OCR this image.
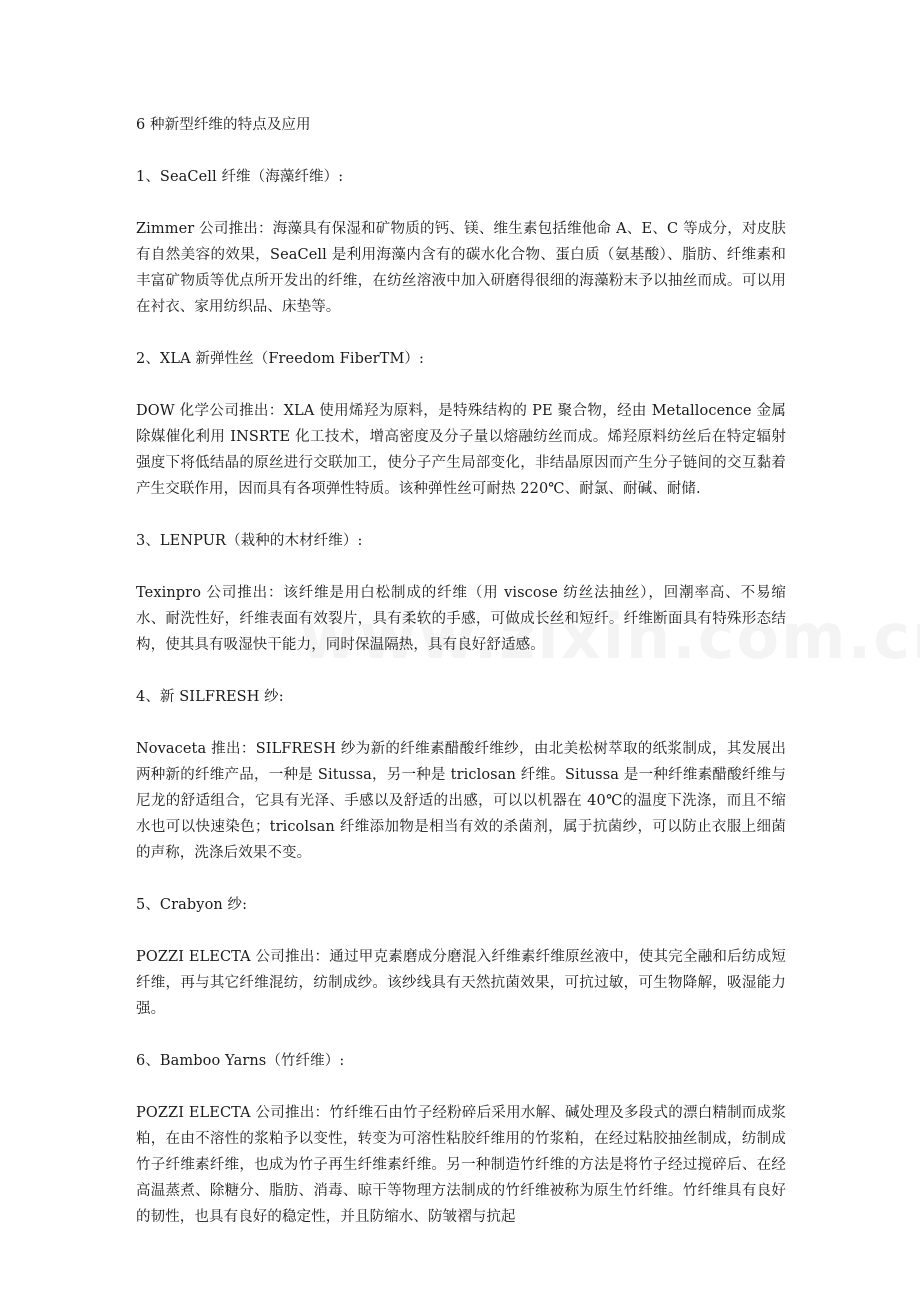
6 种新型纤维的特点及应用

1、SeaCell 纤维（海藻纤维）:

Zimmer 公司推出：海藻具有保湿和矿物质的钙、镁、维生素包括维他命 A、E、C 等成分，对皮肤有自然美容的效果，SeaCell 是利用海藻内含有的碳水化合物、蛋白质（氨基酸）、脂肪、纤维素和丰富矿物质等优点所开发出的纤维，在纺丝溶液中加入研磨得很细的海藻粉末予以抽丝而成。可以用在衬衣、家用纺织品、床垫等。

2、XLA 新弹性丝（Freedom FiberTM）:

DOW 化学公司推出：XLA 使用烯羟为原料，是特殊结构的 PE 聚合物，经由 Metallocence 金属除媒催化利用 INSRTE 化工技术，增高密度及分子量以熔融纺丝而成。烯羟原料纺丝后在特定辐射强度下将低结晶的原丝进行交联加工，使分子产生局部变化，非结晶原因而产生分子链间的交互黏着产生交联作用，因而具有各项弹性特质。该种弹性丝可耐热 220℃、耐氯、耐碱、耐储.

3、LENPUR（栽种的木材纤维）:

Texinpro 公司推出：该纤维是用白松制成的纤维（用 viscose 纺丝法抽丝），回潮率高、不易缩水、耐洗性好，纤维表面有效裂片，具有柔软的手感，可做成长丝和短纤。纤维断面具有特殊形态结构，使其具有吸湿快干能力，同时保温隔热，具有良好舒适感。

4、新 SILFRESH 纱:

Novaceta 推出：SILFRESH 纱为新的纤维素醋酸纤维纱，由北美松树萃取的纸浆制成，其发展出两种新的纤维产品，一种是 Situssa，另一种是 triclosan 纤维。Situssa 是一种纤维素醋酸纤维与尼龙的舒适组合，它具有光泽、手感以及舒适的出感，可以以机器在 40℃的温度下洗涤，而且不缩水也可以快速染色；tricolsan 纤维添加物是相当有效的杀菌剂，属于抗菌纱，可以防止衣服上细菌的声称，洗涤后效果不变。

5、Crabyon 纱:

POZZI ELECTA 公司推出：通过甲克素磨成分磨混入纤维素纤维原丝液中，使其完全融和后纺成短纤维，再与其它纤维混纺，纺制成纱。该纱线具有天然抗菌效果，可抗过敏，可生物降解，吸湿能力强。

6、Bamboo Yarns（竹纤维）:

POZZI ELECTA 公司推出：竹纤维石由竹子经粉碎后采用水解、碱处理及多段式的漂白精制而成浆粕，在由不溶性的浆粕予以变性，转变为可溶性粘胶纤维用的竹浆粕，在经过粘胶抽丝制成，纺制成竹子纤维素纤维，也成为竹子再生纤维素纤维。另一种制造竹纤维的方法是将竹子经过搅碎后、在经高温蒸煮、除糖分、脂肪、消毒、晾干等物理方法制成的竹纤维被称为原生竹纤维。竹纤维具有良好的韧性，也具有良好的稳定性，并且防缩水、防皱褶与抗起
